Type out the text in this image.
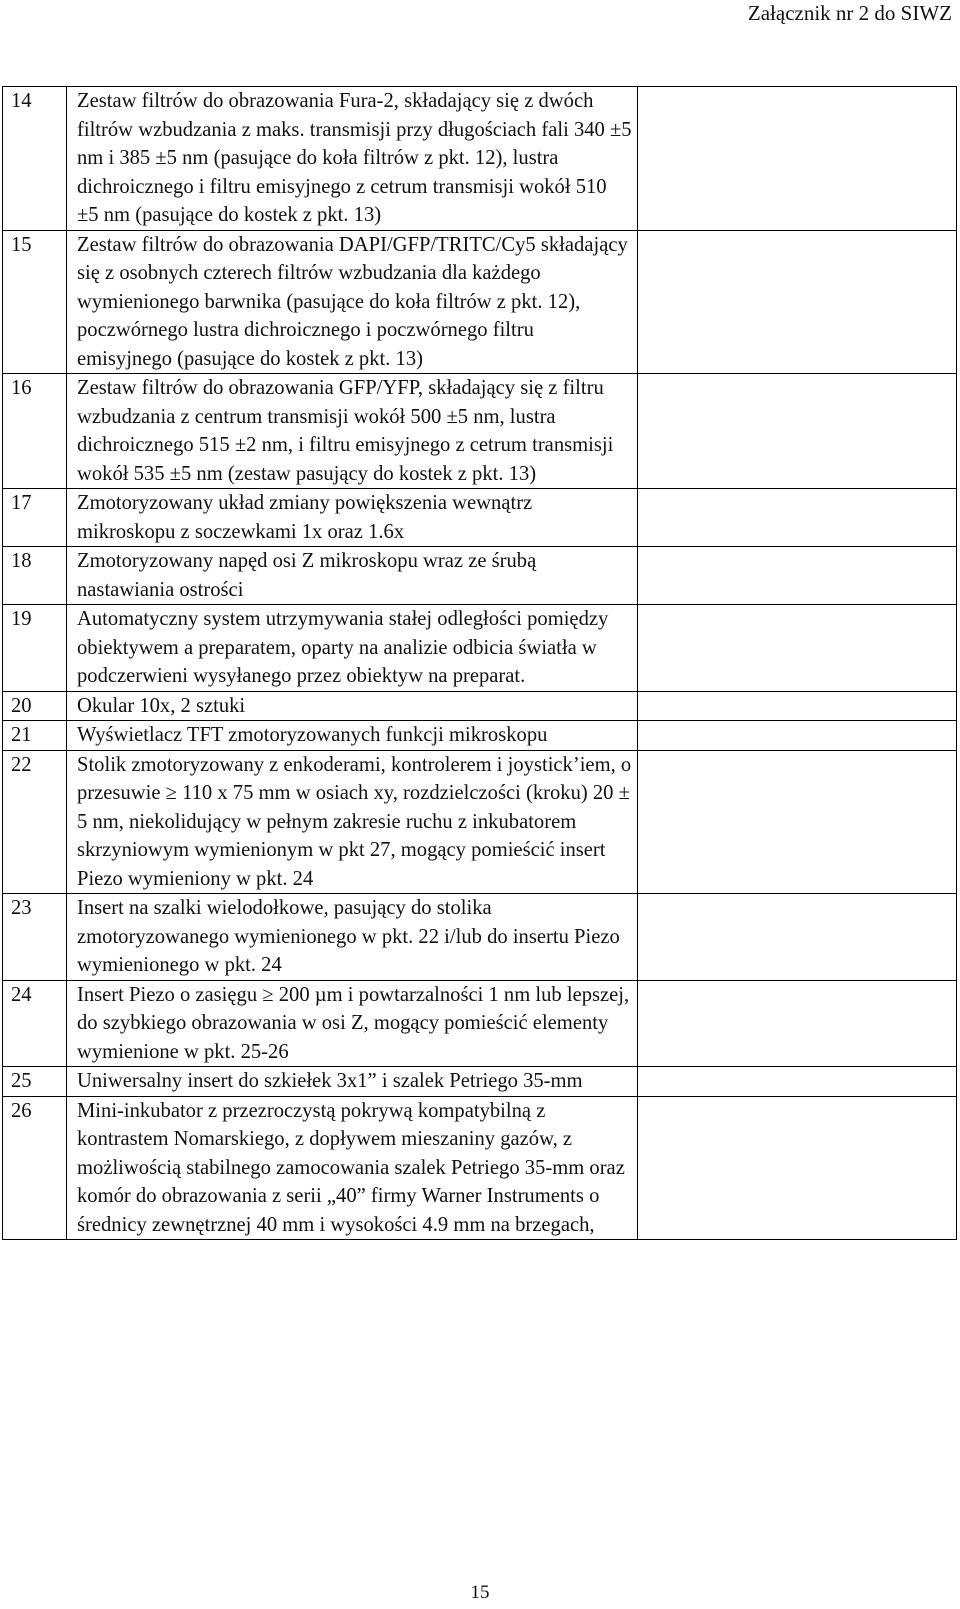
Załącznik nr 2 do SIWZ
14	Zestaw filtrów do obrazowania Fura-2, składający się z dwóch filtrów wzbudzania z maks. transmisji przy długościach fali 340 ±5 nm i 385 ±5 nm (pasujące do koła filtrów z pkt. 12), lustra dichroicznego i filtru emisyjnego z cetrum transmisji wokół 510 ±5 nm (pasujące do kostek z pkt. 13)	
15	Zestaw filtrów do obrazowania DAPI/GFP/TRITC/Cy5 składający się z osobnych czterech filtrów wzbudzania dla każdego wymienionego barwnika (pasujące do koła filtrów z pkt. 12), poczwórnego lustra dichroicznego i poczwórnego filtru emisyjnego (pasujące do kostek z pkt. 13)	
16	Zestaw filtrów do obrazowania GFP/YFP, składający się z filtru wzbudzania z centrum transmisji wokół 500 ±5 nm, lustra dichroicznego 515 ±2 nm, i filtru emisyjnego z cetrum transmisji wokół 535 ±5 nm (zestaw pasujący do kostek z pkt. 13)	
17	Zmotoryzowany układ zmiany powiększenia wewnątrz mikroskopu z soczewkami 1x oraz 1.6x	
18	Zmotoryzowany napęd osi Z mikroskopu wraz ze śrubą nastawiania ostrości	
19	Automatyczny system utrzymywania stałej odległości pomiędzy obiektywem a preparatem, oparty na analizie odbicia światła w podczerwieni wysyłanego przez obiektyw na preparat.	
20	Okular 10x, 2 sztuki	
21	Wyświetlacz TFT zmotoryzowanych funkcji mikroskopu	
22	Stolik zmotoryzowany z enkoderami, kontrolerem i joystick’iem, o przesuwie ≥ 110 x 75 mm w osiach xy, rozdzielczości (kroku) 20 ± 5 nm, niekolidujący w pełnym zakresie ruchu z inkubatorem skrzyniowym wymienionym w pkt 27, mogący pomieścić insert Piezo wymieniony w pkt. 24	
23	Insert na szalki wielodołkowe, pasujący do stolika zmotoryzowanego wymienionego w pkt. 22 i/lub do insertu Piezo wymienionego w pkt. 24	
24	Insert Piezo o zasięgu ≥ 200 µm i powtarzalności 1 nm lub lepszej, do szybkiego obrazowania w osi Z, mogący pomieścić elementy wymienione w pkt. 25-26	
25	Uniwersalny insert do szkiełek 3x1” i szalek Petriego 35-mm	
26	Mini-inkubator z przezroczystą pokrywą kompatybilną z kontrastem Nomarskiego, z dopływem mieszaniny gazów, z możliwością stabilnego zamocowania szalek Petriego 35-mm oraz komór do obrazowania z serii „40” firmy Warner Instruments o średnicy zewnętrznej 40 mm i wysokości 4.9 mm na brzegach,	
15
